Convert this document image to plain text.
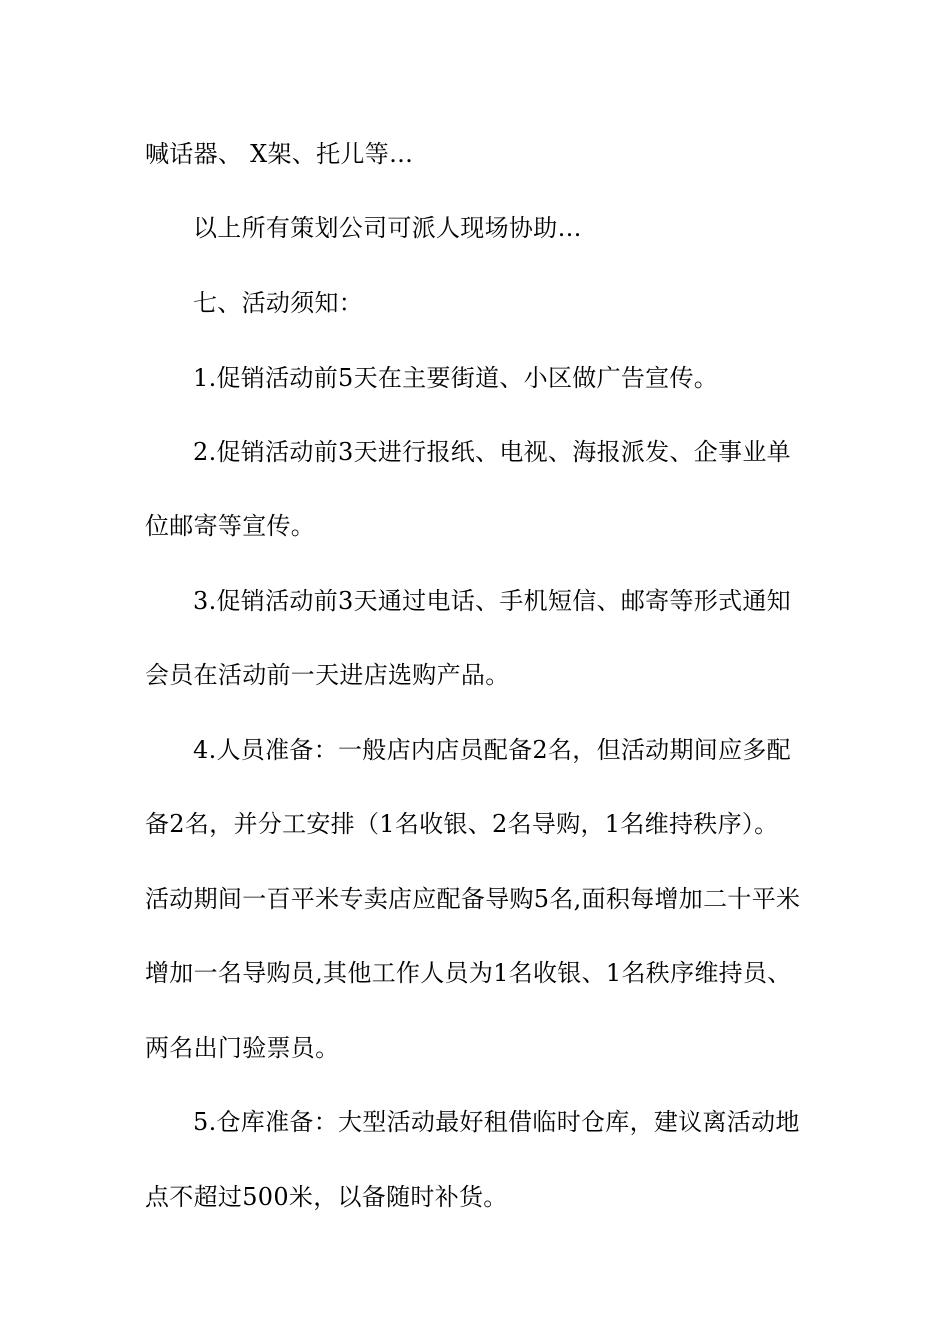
喊话器、 X架、托儿等…
以上所有策划公司可派人现场协助…
七、活动须知：
1.促销活动前5天在主要街道、小区做广告宣传。
2.促销活动前3天进行报纸、电视、海报派发、企事业单
位邮寄等宣传。
3.促销活动前3天通过电话、手机短信、邮寄等形式通知
会员在活动前一天进店选购产品。
4.人员准备：一般店内店员配备2名，但活动期间应多配
备2名，并分工安排（1名收银、2名导购，1名维持秩序）。
活动期间一百平米专卖店应配备导购5名,面积每增加二十平米
增加一名导购员,其他工作人员为1名收银、1名秩序维持员、
两名出门验票员。
5.仓库准备：大型活动最好租借临时仓库，建议离活动地
点不超过500米，以备随时补货。
